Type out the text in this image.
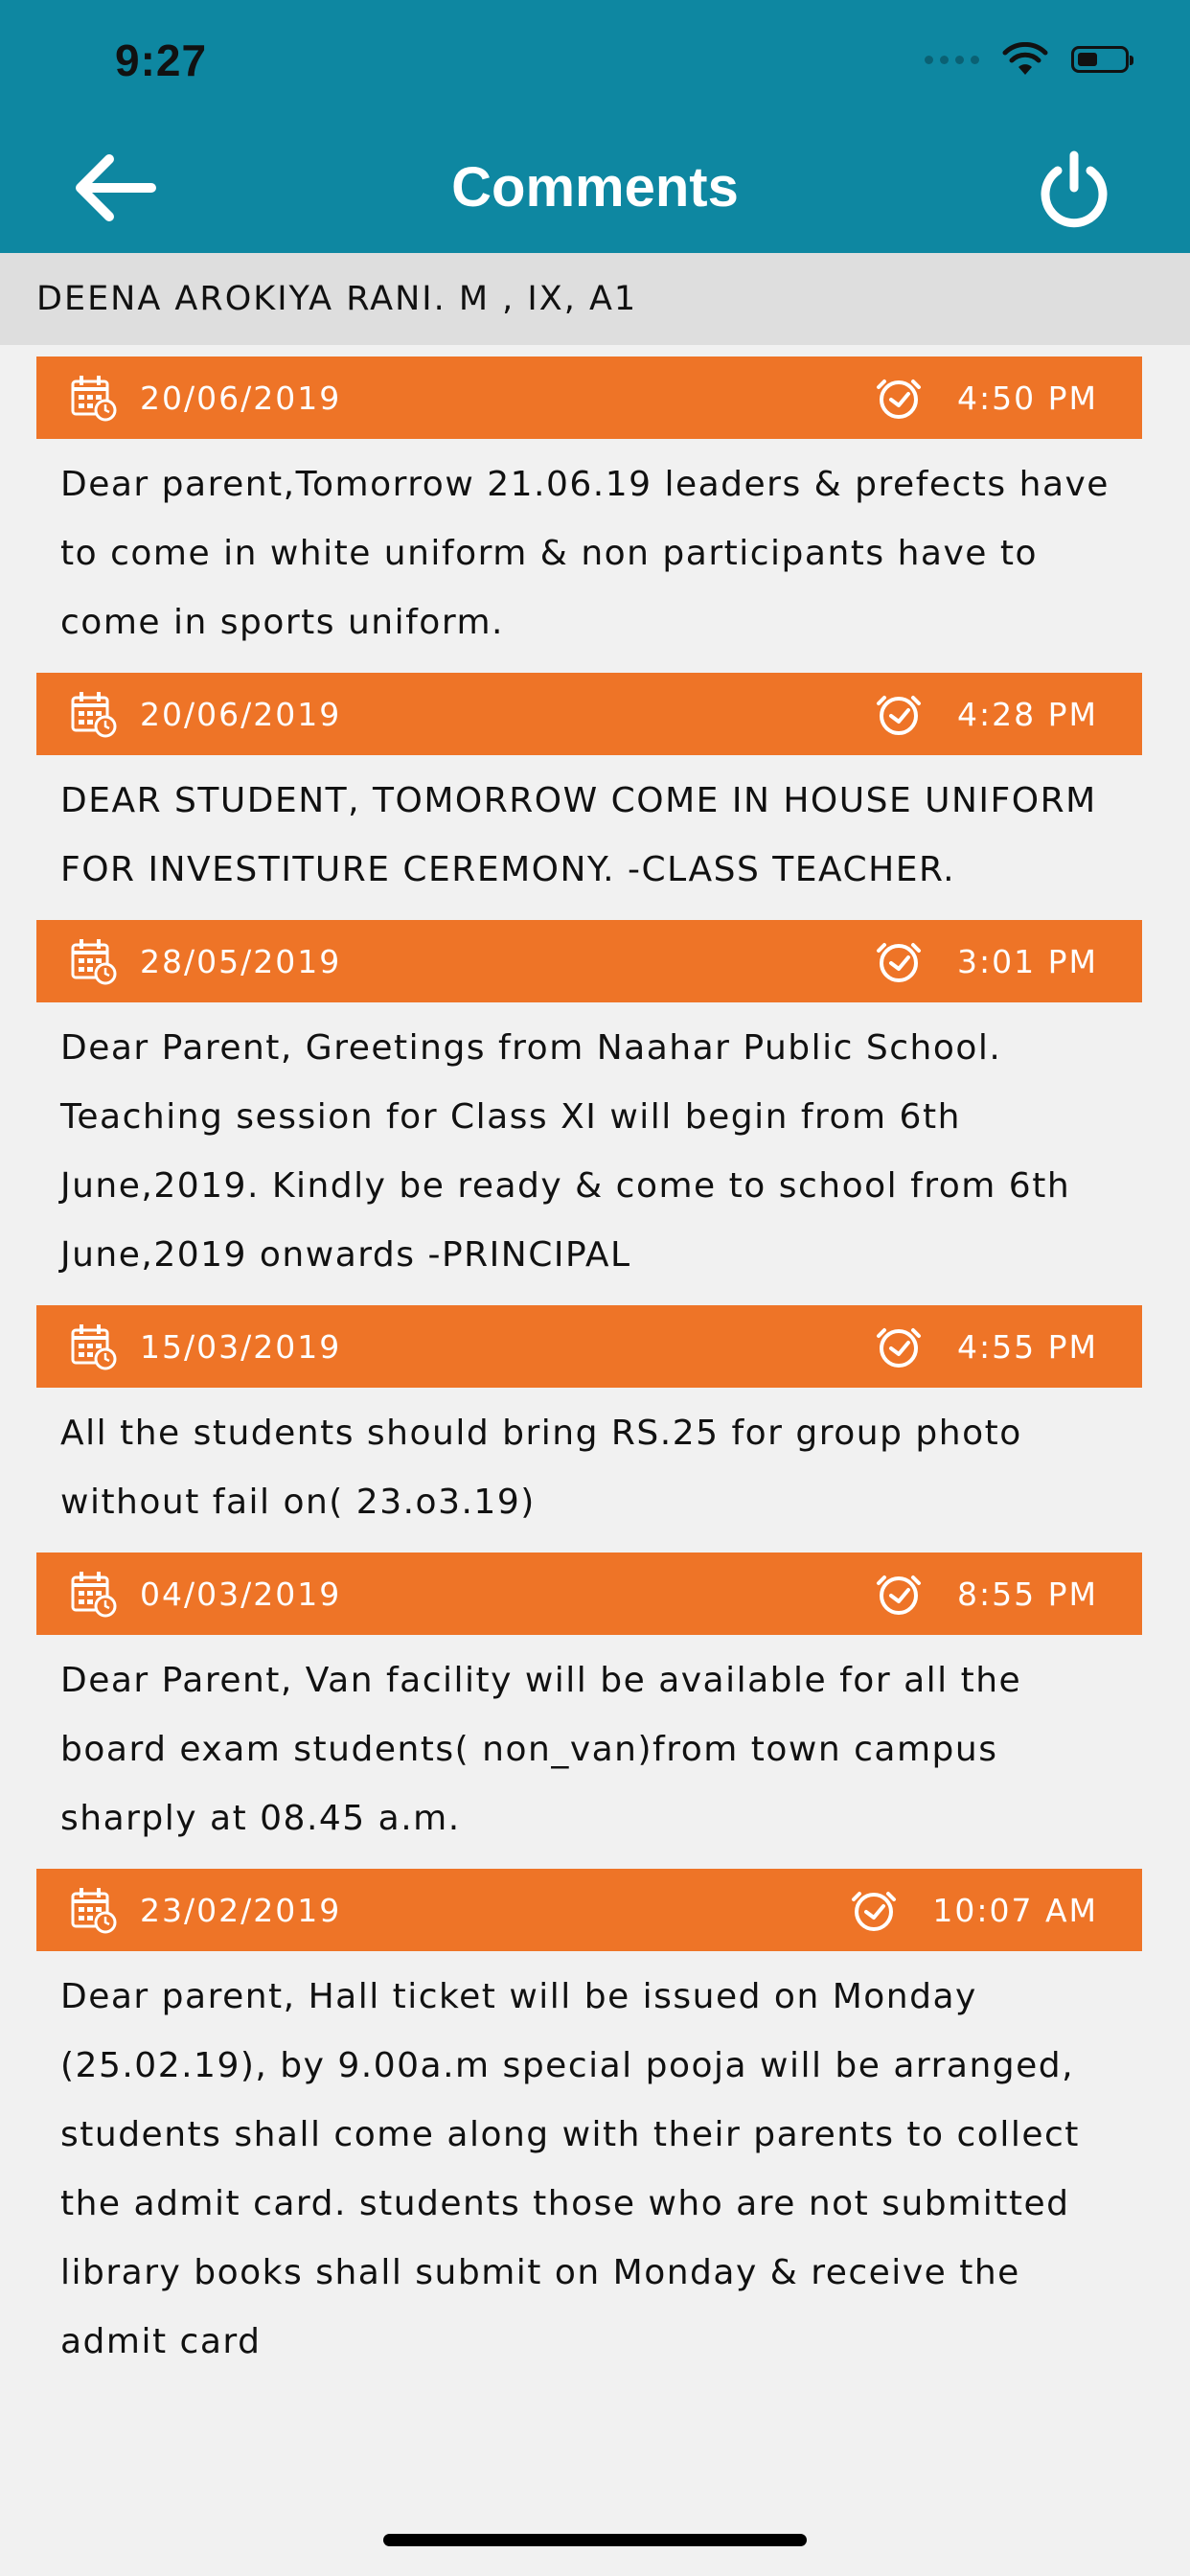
9:27
Comments
DEENA AROKIYA RANI. M , IX, A1
20/06/2019	4:50 PM
Dear parent,Tomorrow 21.06.19 leaders & prefects have to come in white uniform & non participants have to come in sports uniform.
20/06/2019	4:28 PM
DEAR STUDENT, TOMORROW COME IN HOUSE UNIFORM FOR INVESTITURE CEREMONY. -CLASS TEACHER.
28/05/2019	3:01 PM
Dear Parent, Greetings from Naahar Public School. Teaching session for Class XI will begin from 6th June,2019. Kindly be ready & come to school from 6th June,2019 onwards -PRINCIPAL
15/03/2019	4:55 PM
All the students should bring RS.25 for group photo without fail on( 23.o3.19)
04/03/2019	8:55 PM
Dear Parent, Van facility will be available for all the board exam students( non_van)from town campus sharply at 08.45 a.m.
23/02/2019	10:07 AM
Dear parent, Hall ticket will be issued on Monday (25.02.19), by 9.00a.m special pooja will be arranged, students shall come along with their parents to collect the admit card. students those who are not submitted library books shall submit on Monday & receive the admit card
